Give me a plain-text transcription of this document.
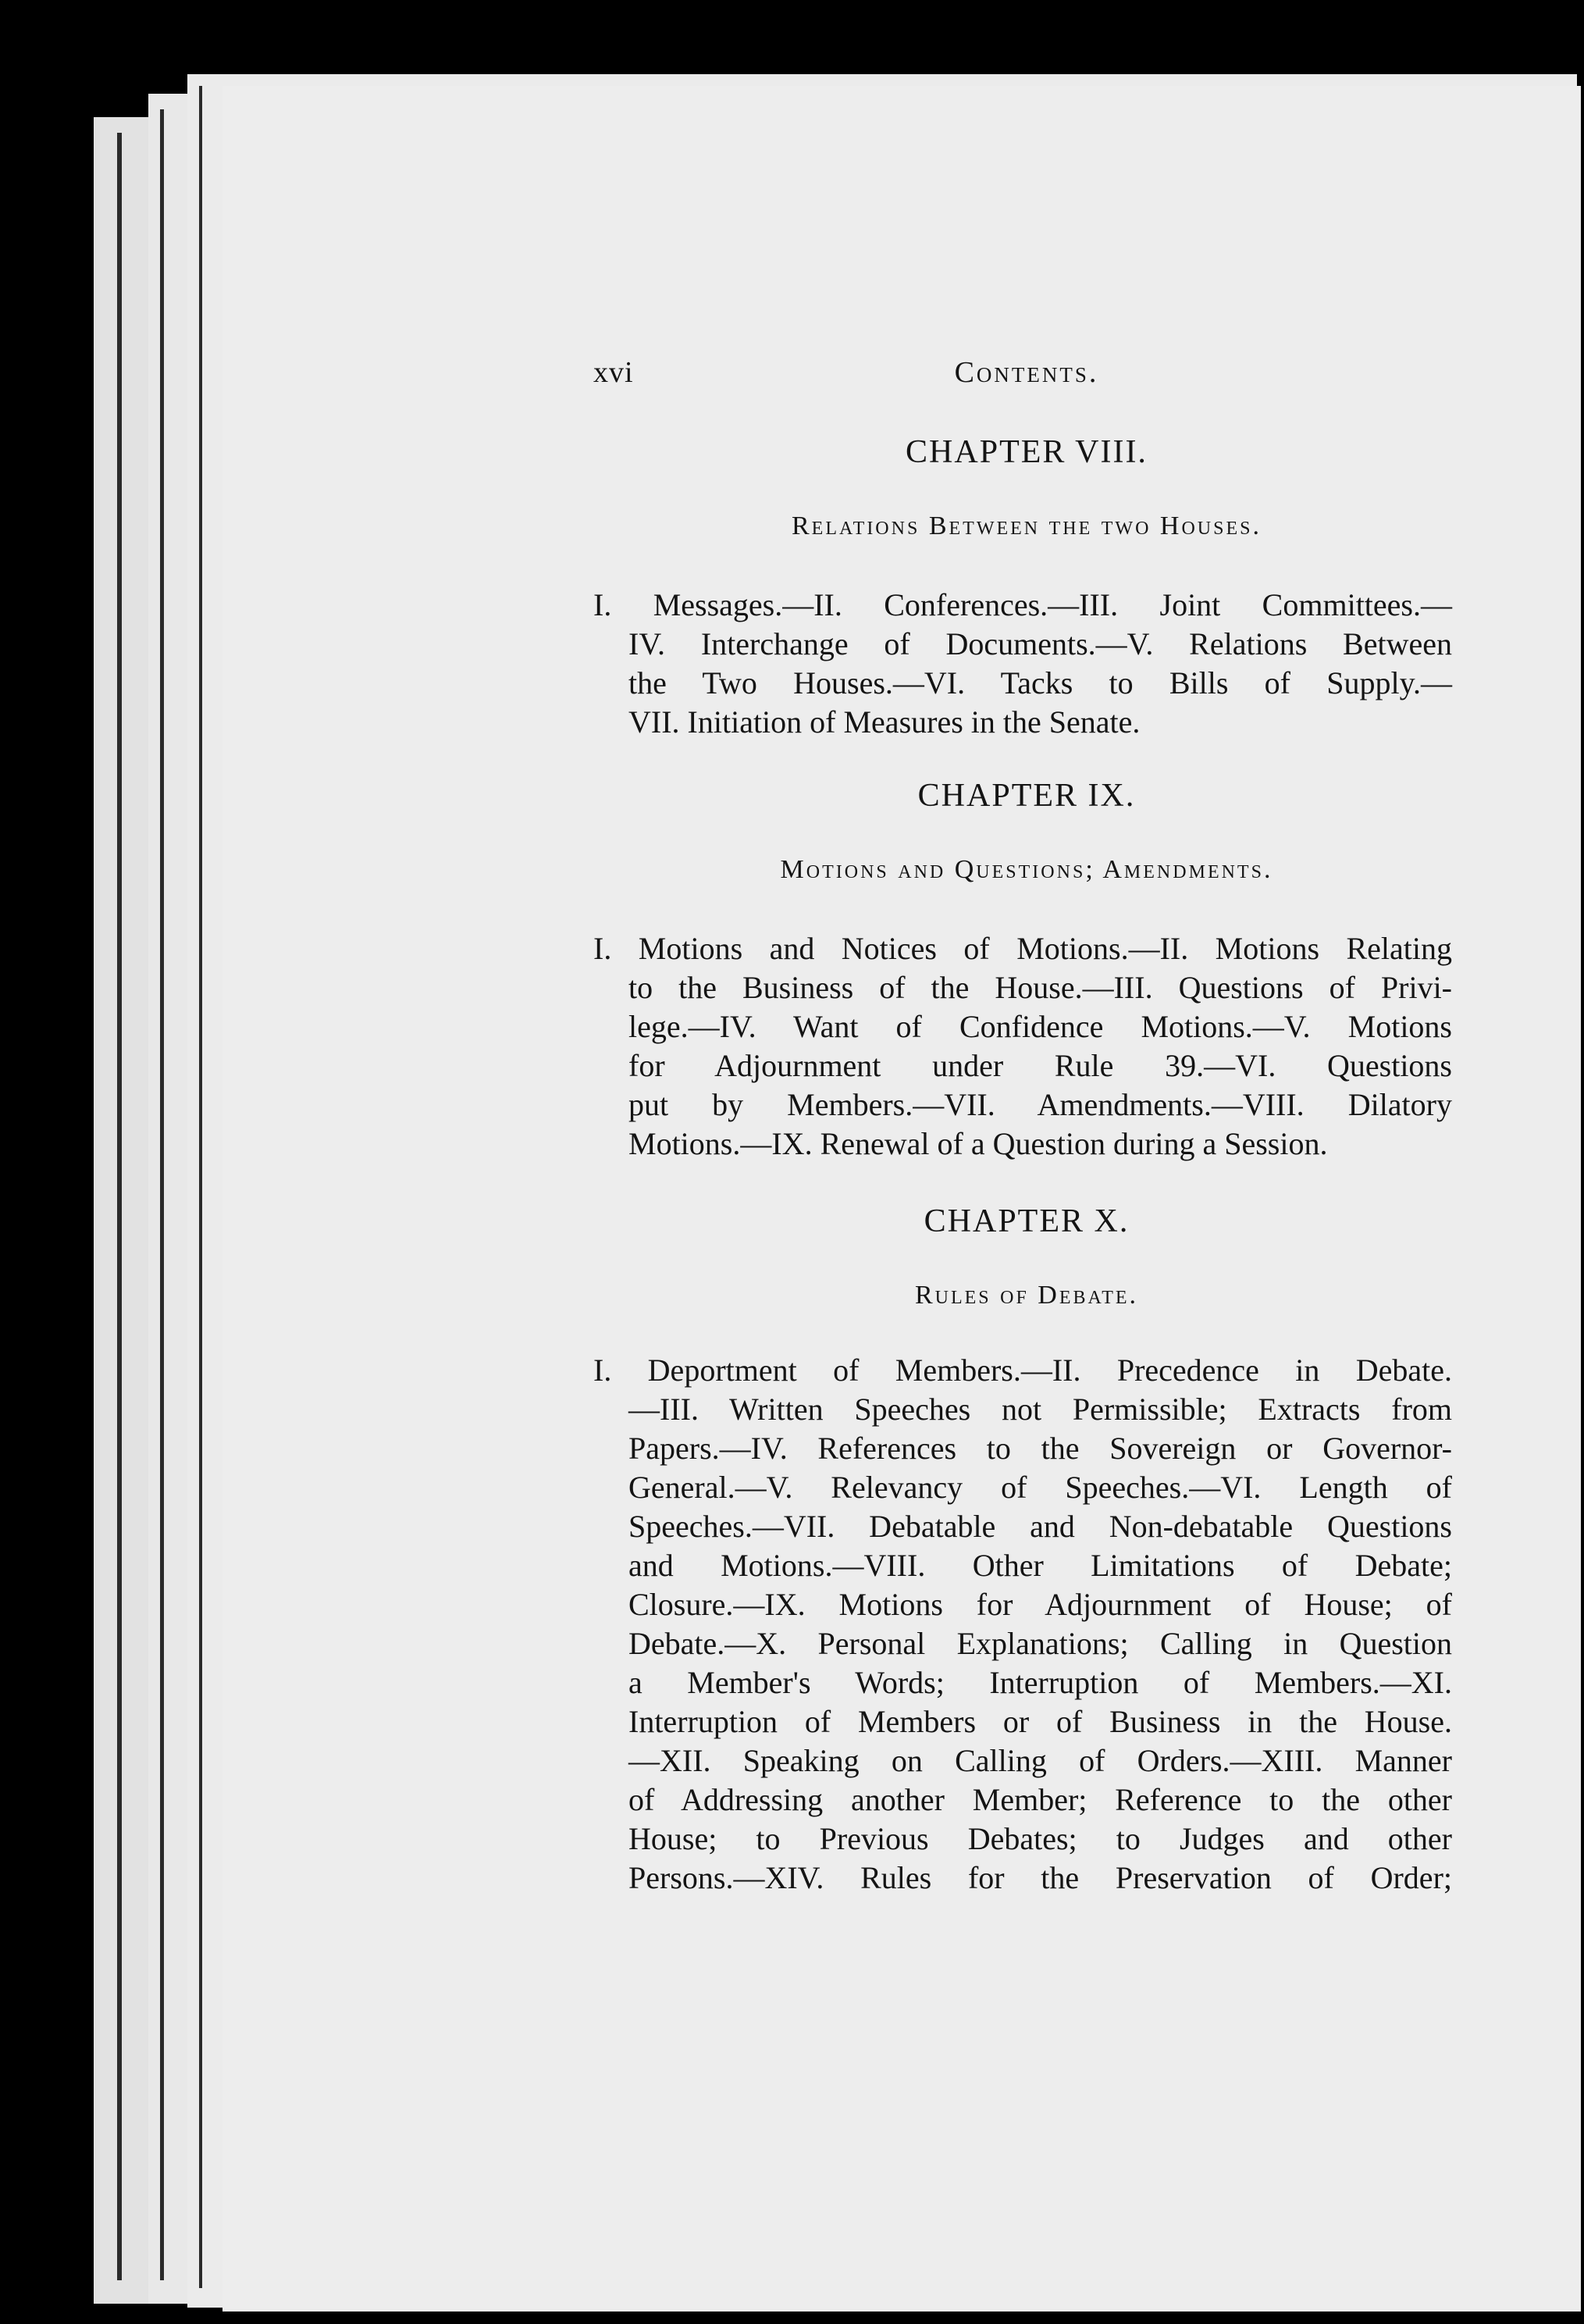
xvi	Contents.
CHAPTER VIII.
Relations Between the two Houses.
I. Messages.—II. Conferences.—III. Joint Committees.—
IV. Interchange of Documents.—V. Relations Between
the Two Houses.—VI. Tacks to Bills of Supply.—
VII. Initiation of Measures in the Senate.
CHAPTER IX.
Motions and Questions; Amendments.
I. Motions and Notices of Motions.—II. Motions Relating
to the Business of the House.—III. Questions of Privi-
lege.—IV. Want of Confidence Motions.—V. Motions
for Adjournment under Rule 39.—VI. Questions
put by Members.—VII. Amendments.—VIII. Dilatory
Motions.—IX. Renewal of a Question during a Session.
CHAPTER X.
Rules of Debate.
I. Deportment of Members.—II. Precedence in Debate.
—III. Written Speeches not Permissible; Extracts from
Papers.—IV. References to the Sovereign or Governor-
General.—V. Relevancy of Speeches.—VI. Length of
Speeches.—VII. Debatable and Non-debatable Questions
and Motions.—VIII. Other Limitations of Debate;
Closure.—IX. Motions for Adjournment of House; of
Debate.—X. Personal Explanations; Calling in Question
a Member's Words; Interruption of Members.—XI.
Interruption of Members or of Business in the House.
—XII. Speaking on Calling of Orders.—XIII. Manner
of Addressing another Member; Reference to the other
House; to Previous Debates; to Judges and other
Persons.—XIV. Rules for the Preservation of Order;
